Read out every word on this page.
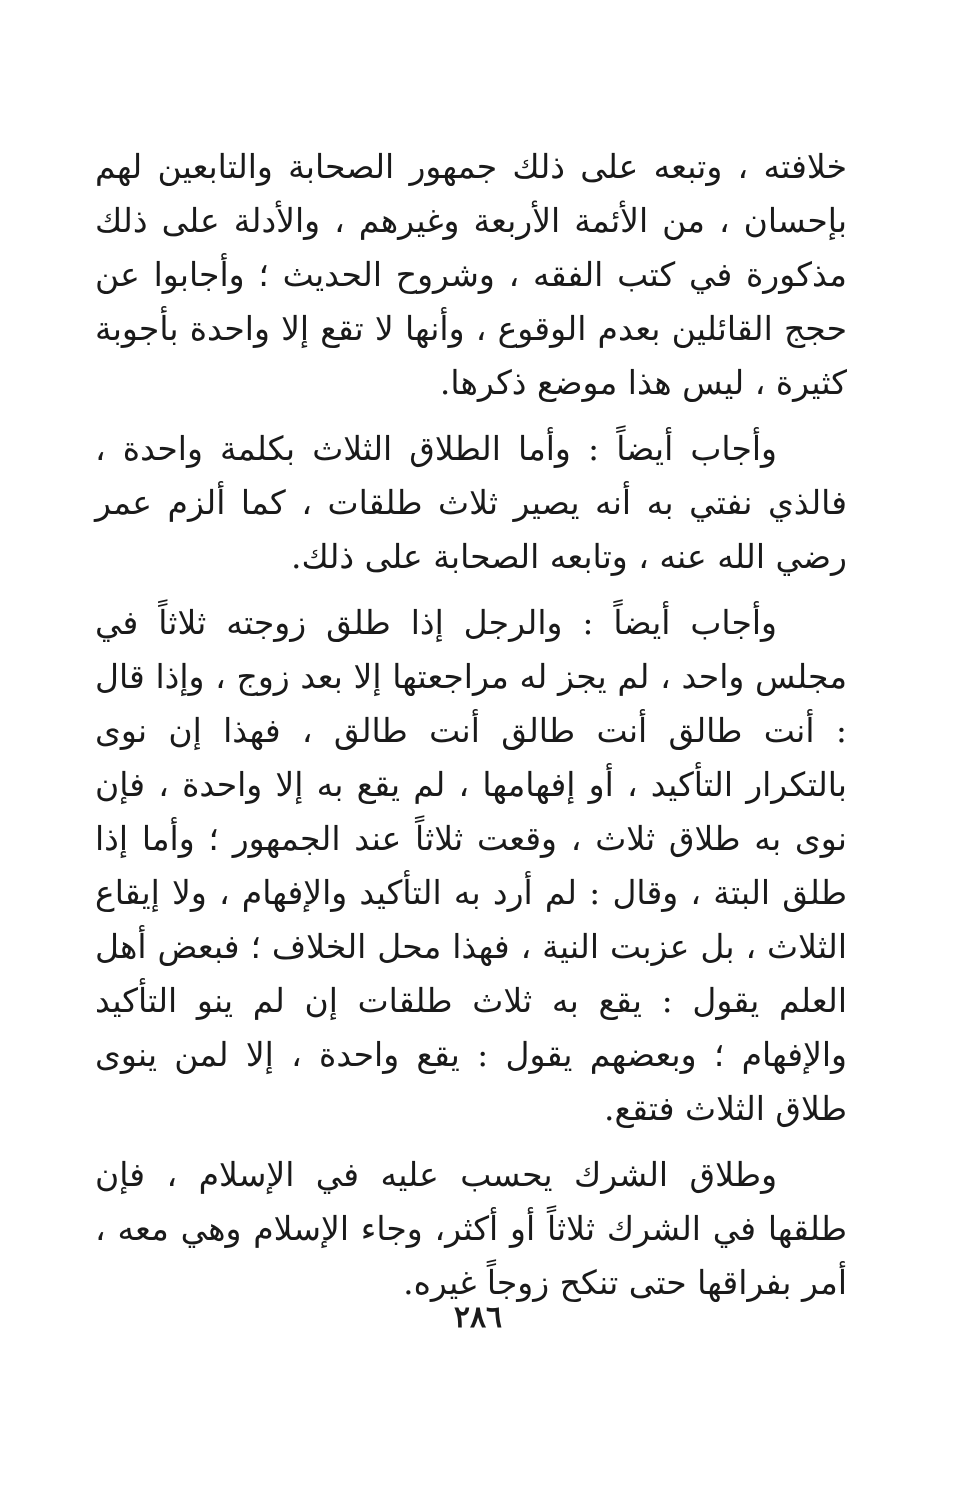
خلافته ، وتبعه على ذلك جمهور الصحابة والتابعين لهم بإحسان ، من الأئمة الأربعة وغيرهم ، والأدلة على ذلك مذكورة في كتب الفقه ، وشروح الحديث ؛ وأجابوا عن حجج القائلين بعدم الوقوع ، وأنها لا تقع إلا واحدة بأجوبة كثيرة ، ليس هذا موضع ذكرها.

وأجاب أيضاً : وأما الطلاق الثلاث بكلمة واحدة ، فالذي نفتي به أنه يصير ثلاث طلقات ، كما ألزم عمر رضي الله عنه ، وتابعه الصحابة على ذلك.

وأجاب أيضاً : والرجل إذا طلق زوجته ثلاثاً في مجلس واحد ، لم يجز له مراجعتها إلا بعد زوج ، وإذا قال : أنت طالق أنت طالق أنت طالق ، فهذا إن نوى بالتكرار التأكيد ، أو إفهامها ، لم يقع به إلا واحدة ، فإن نوى به طلاق ثلاث ، وقعت ثلاثاً عند الجمهور ؛ وأما إذا طلق البتة ، وقال : لم أرد به التأكيد والإفهام ، ولا إيقاع الثلاث ، بل عزبت النية ، فهذا محل الخلاف ؛ فبعض أهل العلم يقول : يقع به ثلاث طلقات إن لم ينو التأكيد والإفهام ؛ وبعضهم يقول : يقع واحدة ، إلا لمن ينوى طلاق الثلاث فتقع.

وطلاق الشرك يحسب عليه في الإسلام ، فإن طلقها في الشرك ثلاثاً أو أكثر، وجاء الإسلام وهي معه ، أمر بفراقها حتى تنكح زوجاً غيره.

٢٨٦
